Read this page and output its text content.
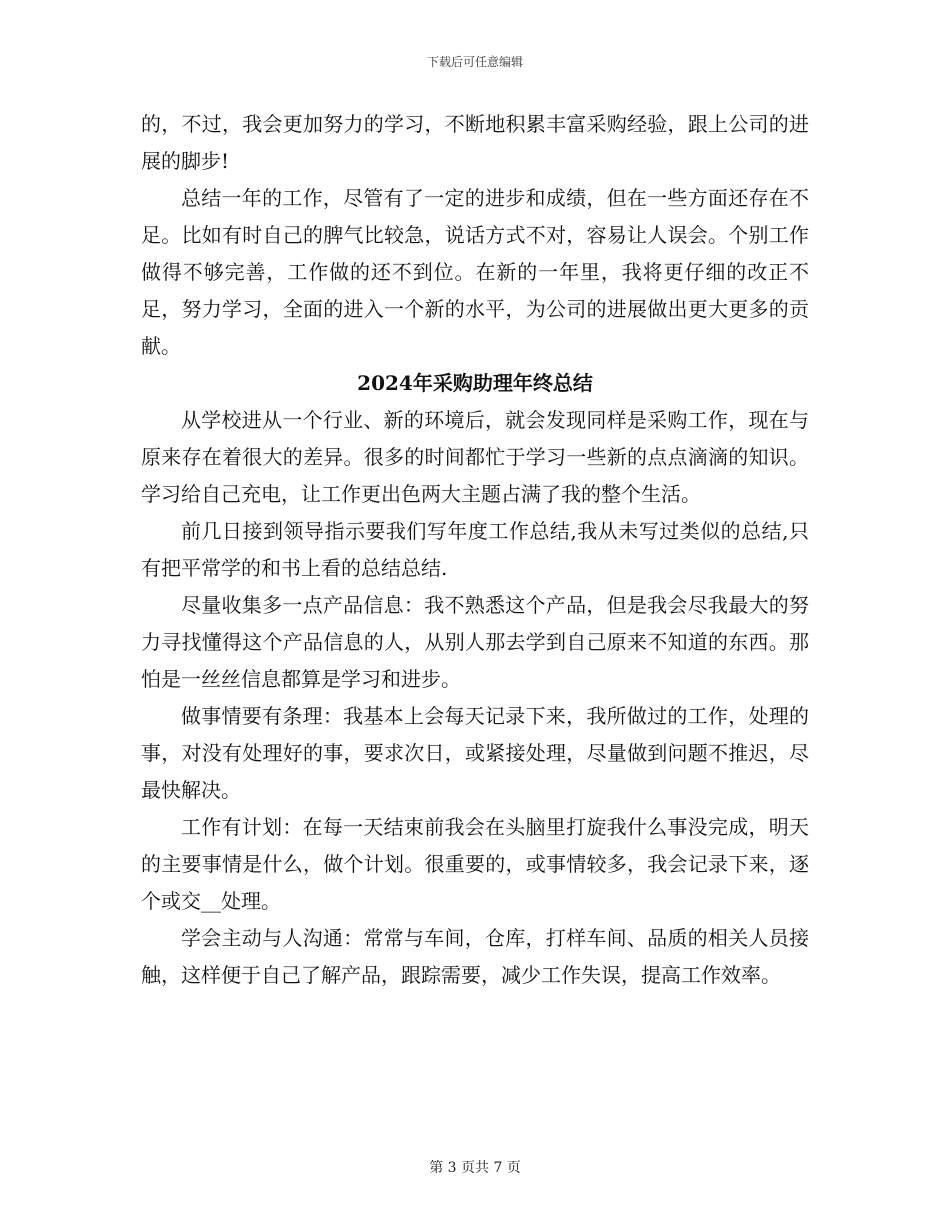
下载后可任意编辑

的，不过，我会更加努力的学习，不断地积累丰富采购经验，跟上公司的进展的脚步!

总结一年的工作，尽管有了一定的进步和成绩，但在一些方面还存在不足。比如有时自己的脾气比较急，说话方式不对，容易让人误会。个别工作做得不够完善，工作做的还不到位。在新的一年里，我将更仔细的改正不足，努力学习，全面的进入一个新的水平，为公司的进展做出更大更多的贡献。

2024年采购助理年终总结

从学校进从一个行业、新的环境后，就会发现同样是采购工作，现在与原来存在着很大的差异。很多的时间都忙于学习一些新的点点滴滴的知识。学习给自己充电，让工作更出色两大主题占满了我的整个生活。

前几日接到领导指示要我们写年度工作总结,我从未写过类似的总结,只有把平常学的和书上看的总结总结.

尽量收集多一点产品信息：我不熟悉这个产品，但是我会尽我最大的努力寻找懂得这个产品信息的人，从别人那去学到自己原来不知道的东西。那怕是一丝丝信息都算是学习和进步。

做事情要有条理：我基本上会每天记录下来，我所做过的工作，处理的事，对没有处理好的事，要求次日，或紧接处理，尽量做到问题不推迟，尽最快解决。

工作有计划：在每一天结束前我会在头脑里打旋我什么事没完成，明天的主要事情是什么，做个计划。很重要的，或事情较多，我会记录下来，逐个或交__处理。

学会主动与人沟通：常常与车间，仓库，打样车间、品质的相关人员接触，这样便于自己了解产品，跟踪需要，减少工作失误，提高工作效率。

第 3 页共 7 页
